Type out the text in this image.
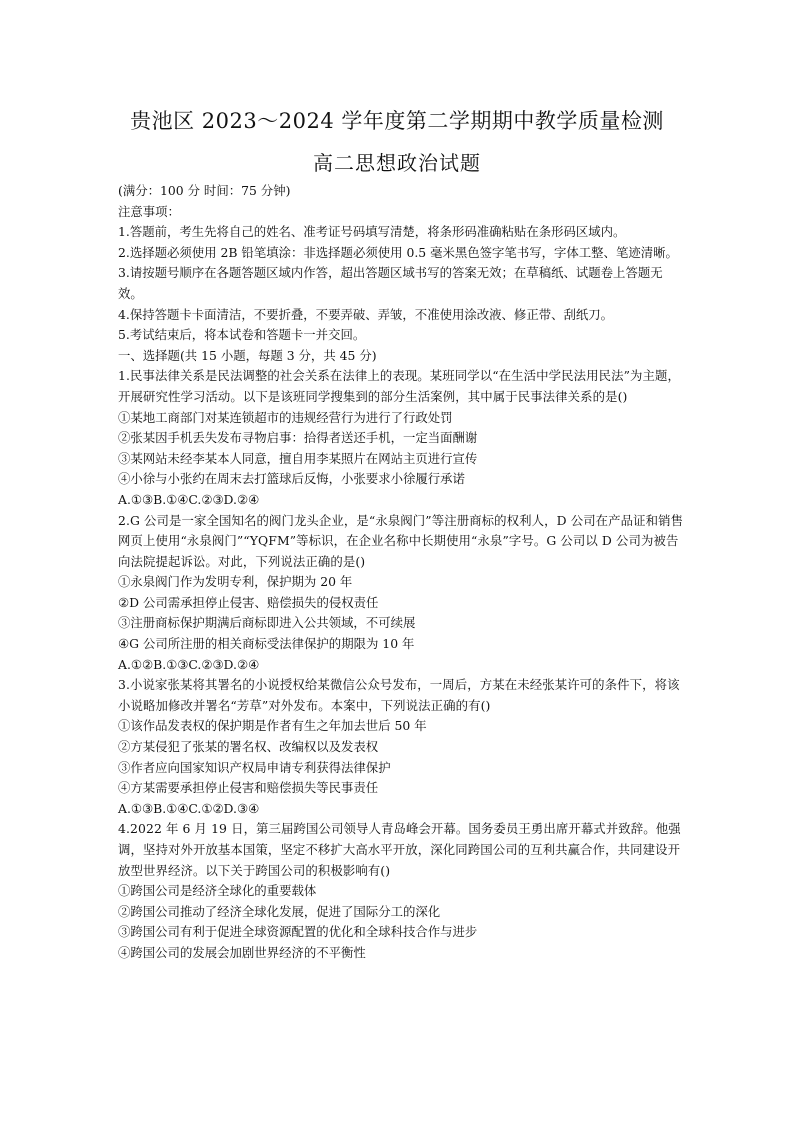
贵池区 2023～2024 学年度第二学期期中教学质量检测
高二思想政治试题
(满分：100 分 时间：75 分钟)
注意事项：
1.答题前，考生先将自己的姓名、准考证号码填写清楚，将条形码准确粘贴在条形码区域内。
2.选择题必须使用 2B 铅笔填涂：非选择题必须使用 0.5 毫米黑色签字笔书写，字体工整、笔迹清晰。
3.请按题号顺序在各题答题区域内作答，超出答题区域书写的答案无效；在草稿纸、试题卷上答题无效。
4.保持答题卡卡面清洁，不要折叠，不要弄破、弄皱，不准使用涂改液、修正带、刮纸刀。
5.考试结束后，将本试卷和答题卡一并交回。
一、选择题(共 15 小题，每题 3 分，共 45 分)
1.民事法律关系是民法调整的社会关系在法律上的表现。某班同学以“在生活中学民法用民法”为主题，开展研究性学习活动。以下是该班同学搜集到的部分生活案例，其中属于民事法律关系的是()
①某地工商部门对某连锁超市的违规经营行为进行了行政处罚
②张某因手机丢失发布寻物启事：拾得者送还手机，一定当面酬谢
③某网站未经李某本人同意，擅自用李某照片在网站主页进行宣传
④小徐与小张约在周末去打篮球后反悔，小张要求小徐履行承诺
A.①③B.①④C.②③D.②④
2.G 公司是一家全国知名的阀门龙头企业，是“永泉阀门”等注册商标的权利人，D 公司在产品证和销售网页上使用“永泉阀门”“YQFM”等标识，在企业名称中长期使用“永泉”字号。G 公司以 D 公司为被告向法院提起诉讼。对此，下列说法正确的是()
①永泉阀门作为发明专利，保护期为 20 年
②D 公司需承担停止侵害、赔偿损失的侵权责任
③注册商标保护期满后商标即进入公共领域，不可续展
④G 公司所注册的相关商标受法律保护的期限为 10 年
A.①②B.①③C.②③D.②④
3.小说家张某将其署名的小说授权给某微信公众号发布，一周后，方某在未经张某许可的条件下，将该小说略加修改并署名“芳草”对外发布。本案中，下列说法正确的有()
①该作品发表权的保护期是作者有生之年加去世后 50 年
②方某侵犯了张某的署名权、改编权以及发表权
③作者应向国家知识产权局申请专利获得法律保护
④方某需要承担停止侵害和赔偿损失等民事责任
A.①③B.①④C.①②D.③④
4.2022 年 6 月 19 日，第三届跨国公司领导人青岛峰会开幕。国务委员王勇出席开幕式并致辞。他强调，坚持对外开放基本国策，坚定不移扩大高水平开放，深化同跨国公司的互利共赢合作，共同建设开放型世界经济。以下关于跨国公司的积极影响有()
①跨国公司是经济全球化的重要载体
②跨国公司推动了经济全球化发展，促进了国际分工的深化
③跨国公司有利于促进全球资源配置的优化和全球科技合作与进步
④跨国公司的发展会加剧世界经济的不平衡性
